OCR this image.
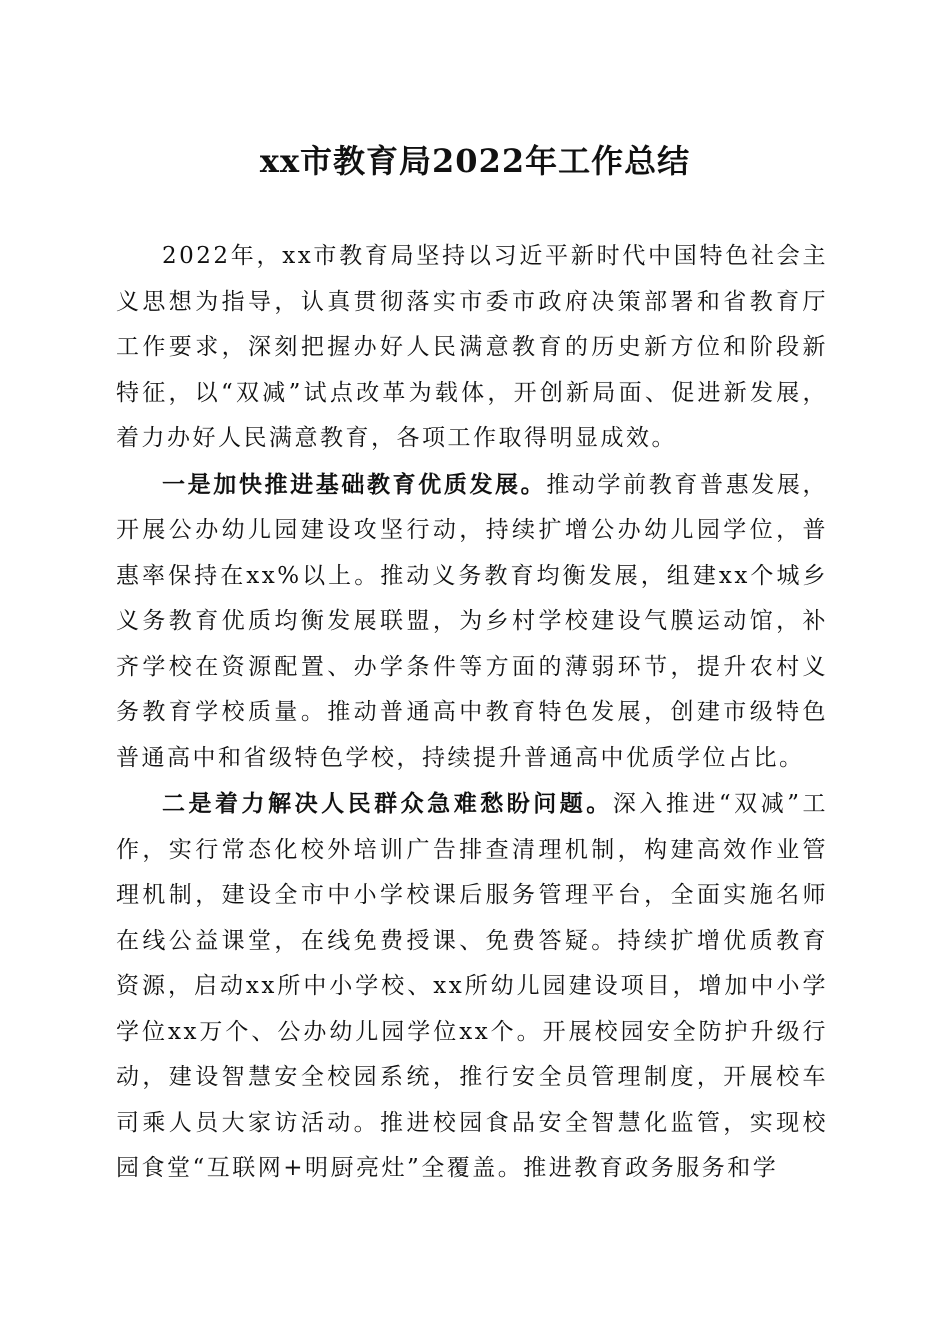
xx市教育局2022年工作总结

2022年，xx市教育局坚持以习近平新时代中国特色社会主义思想为指导，认真贯彻落实市委市政府决策部署和省教育厅工作要求，深刻把握办好人民满意教育的历史新方位和阶段新特征，以“双减”试点改革为载体，开创新局面、促进新发展，着力办好人民满意教育，各项工作取得明显成效。

一是加快推进基础教育优质发展。推动学前教育普惠发展，开展公办幼儿园建设攻坚行动，持续扩增公办幼儿园学位，普惠率保持在xx%以上。推动义务教育均衡发展，组建xx个城乡义务教育优质均衡发展联盟，为乡村学校建设气膜运动馆，补齐学校在资源配置、办学条件等方面的薄弱环节，提升农村义务教育学校质量。推动普通高中教育特色发展，创建市级特色普通高中和省级特色学校，持续提升普通高中优质学位占比。

二是着力解决人民群众急难愁盼问题。深入推进“双减”工作，实行常态化校外培训广告排查清理机制，构建高效作业管理机制，建设全市中小学校课后服务管理平台，全面实施名师在线公益课堂，在线免费授课、免费答疑。持续扩增优质教育资源，启动xx所中小学校、xx所幼儿园建设项目，增加中小学学位xx万个、公办幼儿园学位xx个。开展校园安全防护升级行动，建设智慧安全校园系统，推行安全员管理制度，开展校车司乘人员大家访活动。推进校园食品安全智慧化监管，实现校园食堂“互联网+明厨亮灶”全覆盖。推进教育政务服务和学
